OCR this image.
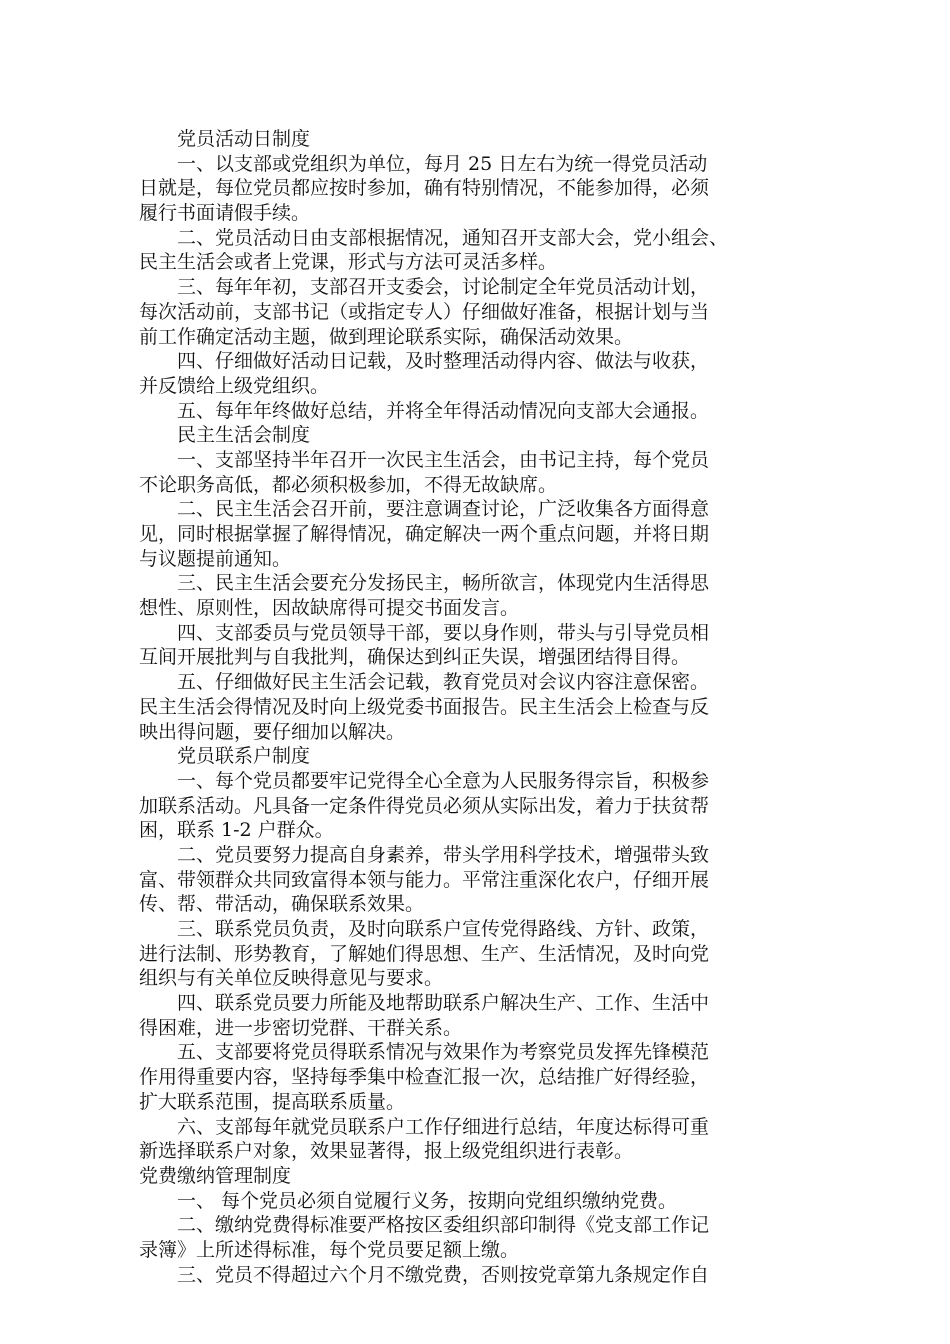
党员活动日制度
一、以支部或党组织为单位，每月 25 日左右为统一得党员活动
日就是，每位党员都应按时参加，确有特别情况，不能参加得，必须
履行书面请假手续。
二、党员活动日由支部根据情况，通知召开支部大会，党小组会、
民主生活会或者上党课，形式与方法可灵活多样。
三、每年年初，支部召开支委会，讨论制定全年党员活动计划，
每次活动前，支部书记（或指定专人）仔细做好准备，根据计划与当
前工作确定活动主题，做到理论联系实际，确保活动效果。
四、仔细做好活动日记载，及时整理活动得内容、做法与收获，
并反馈给上级党组织。
五、每年年终做好总结，并将全年得活动情况向支部大会通报。
民主生活会制度
一、支部坚持半年召开一次民主生活会，由书记主持，每个党员
不论职务高低，都必须积极参加，不得无故缺席。
二、民主生活会召开前，要注意调查讨论，广泛收集各方面得意
见，同时根据掌握了解得情况，确定解决一两个重点问题，并将日期
与议题提前通知。
三、民主生活会要充分发扬民主，畅所欲言，体现党内生活得思
想性、原则性，因故缺席得可提交书面发言。
四、支部委员与党员领导干部，要以身作则，带头与引导党员相
互间开展批判与自我批判，确保达到纠正失误，增强团结得目得。
五、仔细做好民主生活会记载，教育党员对会议内容注意保密。
民主生活会得情况及时向上级党委书面报告。民主生活会上检查与反
映出得问题，要仔细加以解决。
党员联系户制度
一、每个党员都要牢记党得全心全意为人民服务得宗旨，积极参
加联系活动。凡具备一定条件得党员必须从实际出发，着力于扶贫帮
困，联系 1-2 户群众。
二、党员要努力提高自身素养，带头学用科学技术，增强带头致
富、带领群众共同致富得本领与能力。平常注重深化农户，仔细开展
传、帮、带活动，确保联系效果。
三、联系党员负责，及时向联系户宣传党得路线、方针、政策，
进行法制、形势教育，了解她们得思想、生产、生活情况，及时向党
组织与有关单位反映得意见与要求。
四、联系党员要力所能及地帮助联系户解决生产、工作、生活中
得困难，进一步密切党群、干群关系。
五、支部要将党员得联系情况与效果作为考察党员发挥先锋模范
作用得重要内容，坚持每季集中检查汇报一次，总结推广好得经验，
扩大联系范围，提高联系质量。
六、支部每年就党员联系户工作仔细进行总结，年度达标得可重
新选择联系户对象，效果显著得，报上级党组织进行表彰。
党费缴纳管理制度
一、 每个党员必须自觉履行义务，按期向党组织缴纳党费。
二、缴纳党费得标准要严格按区委组织部印制得《党支部工作记
录簿》上所述得标准，每个党员要足额上缴。
三、党员不得超过六个月不缴党费，否则按党章第九条规定作自
